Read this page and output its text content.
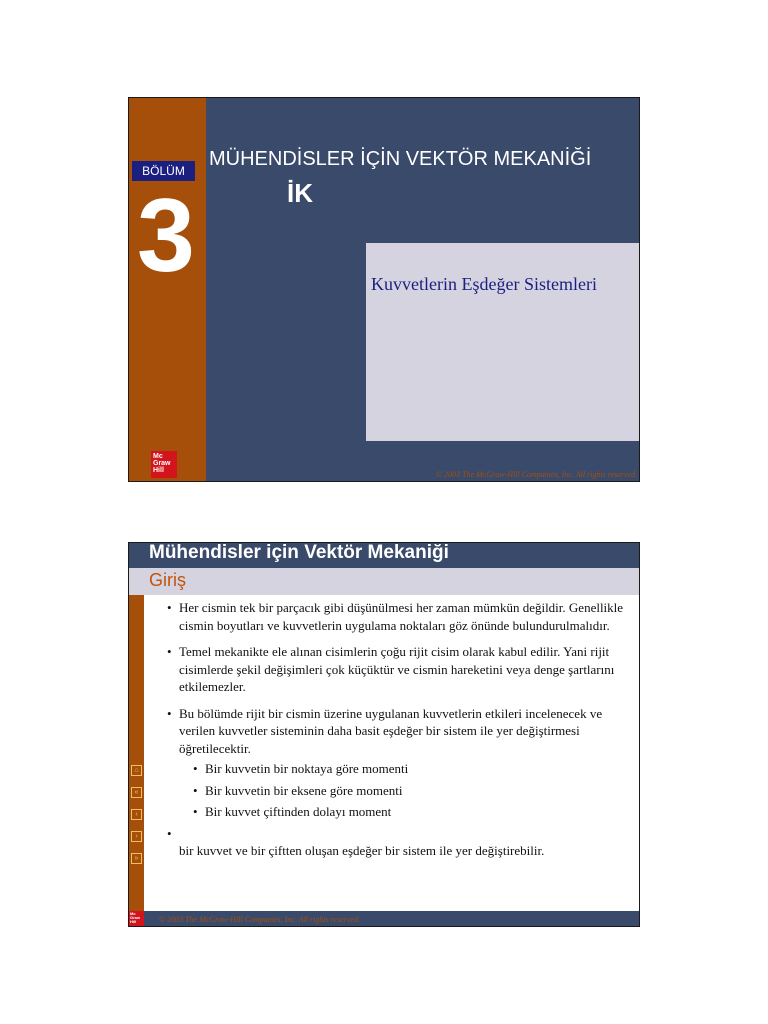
BÖLÜM
3
MÜHENDİSLER İÇİN VEKTÖR MEKANİĞİ
İK
Kuvvetlerin Eşdeğer Sistemleri
Mc
Graw
Hill	© 2003 The McGraw-Hill Companies, Inc. All rights reserved.
Mühendisler için Vektör Mekaniği
Giriş
⌂
«
‹
›
»
• Her cismin tek bir parçacık gibi düşünülmesi her zaman mümkün değildir. Genellikle cismin boyutları ve kuvvetlerin uygulama noktaları göz önünde bulundurulmalıdır.
• Temel mekanikte ele alınan cisimlerin çoğu rijit cisim olarak kabul edilir. Yani rijit cisimlerde şekil değişimleri çok küçüktür ve cismin hareketini veya denge şartlarını etkilemezler.
• Bu bölümde rijit bir cismin üzerine uygulanan kuvvetlerin etkileri incelenecek ve verilen kuvvetler sisteminin daha basit eşdeğer bir sistem ile yer değiştirmesi öğretilecektir.
• Bir kuvvetin bir noktaya göre momenti
• Bir kuvvetin bir eksene göre momenti
• Bir kuvvet çiftinden dolayı moment
•
bir kuvvet ve bir çiftten oluşan eşdeğer bir sistem ile yer değiştirebilir.
© 2003 The McGraw-Hill Companies, Inc. All rights reserved.
Mc
Graw
Hill
